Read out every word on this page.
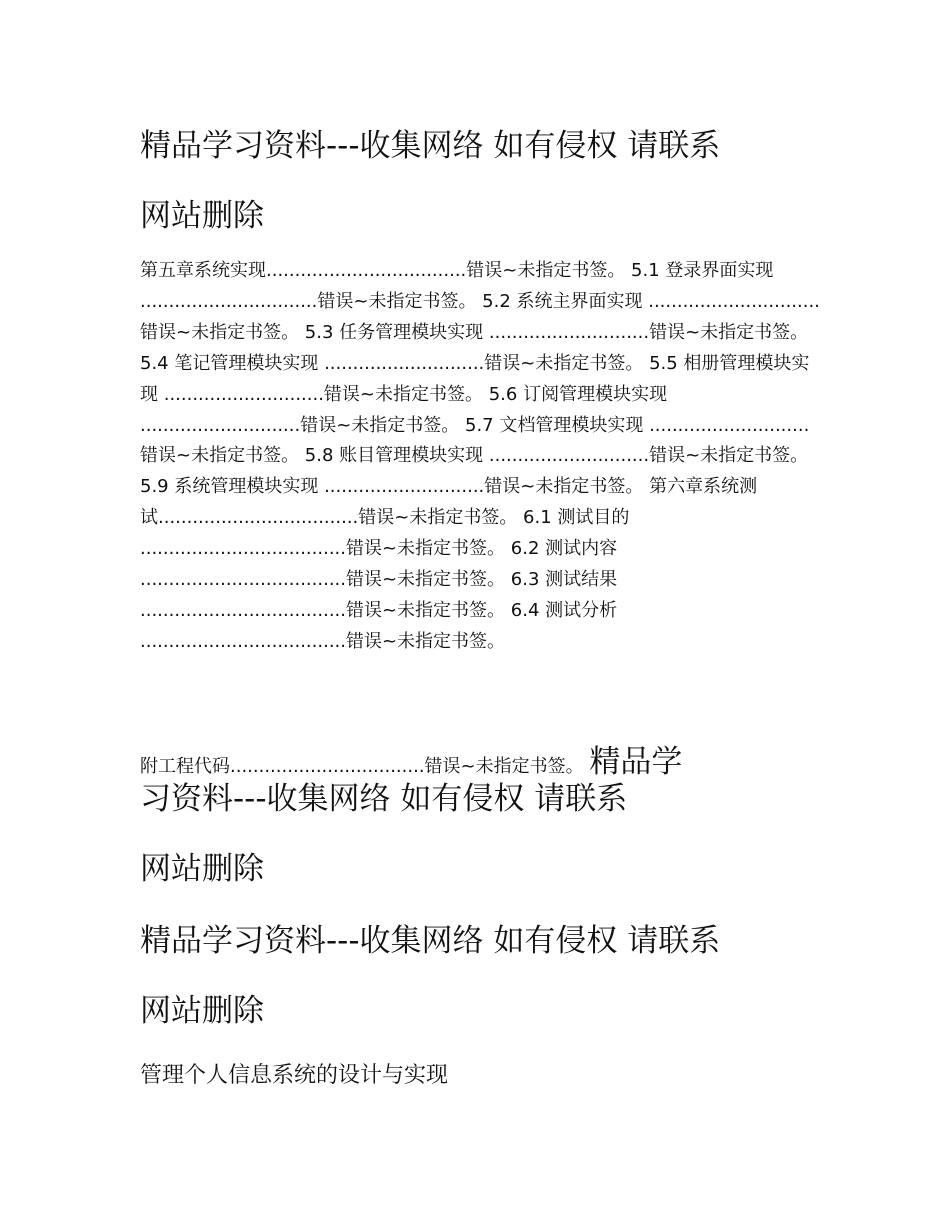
精品学习资料---收集网络 如有侵权 请联系

网站删除

第五章系统实现...................................错误~未指定书签。 5.1 登录界面实现 ...............................错误~未指定书签。 5.2 系统主界面实现 ..............................错误~未指定书签。 5.3 任务管理模块实现 ............................错误~未指定书签。 5.4 笔记管理模块实现 ............................错误~未指定书签。 5.5 相册管理模块实现 ............................错误~未指定书签。 5.6 订阅管理模块实现 ............................错误~未指定书签。 5.7 文档管理模块实现 ............................错误~未指定书签。 5.8 账目管理模块实现 ............................错误~未指定书签。 5.9 系统管理模块实现 ............................错误~未指定书签。 第六章系统测试...................................错误~未指定书签。 6.1 测试目的 ....................................错误~未指定书签。 6.2 测试内容 ....................................错误~未指定书签。 6.3 测试结果 ....................................错误~未指定书签。 6.4 测试分析 ....................................错误~未指定书签。

附工程代码..................................错误~未指定书签。 精品学

习资料---收集网络 如有侵权 请联系

网站删除

精品学习资料---收集网络 如有侵权 请联系

网站删除

管理个人信息系统的设计与实现
